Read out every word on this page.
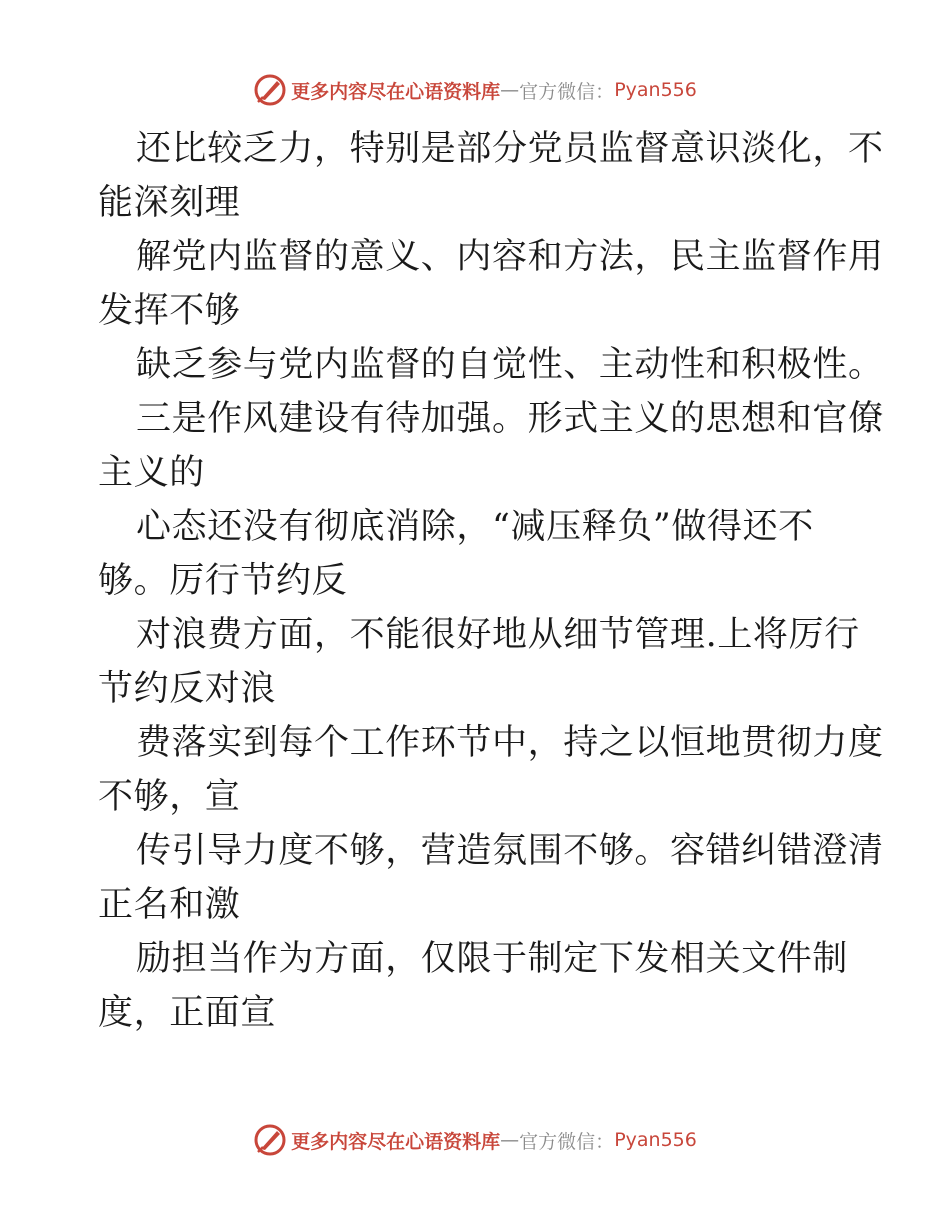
更多内容尽在心语资料库 — 官方微信： Pyan556
还比较乏力，特别是部分党员监督意识淡化，不
能深刻理
解党内监督的意义、内容和方法，民主监督作用
发挥不够
缺乏参与党内监督的自觉性、主动性和积极性。
三是作风建设有待加强。形式主义的思想和官僚
主义的
心态还没有彻底消除，“减压释负”做得还不
够。厉行节约反
对浪费方面，不能很好地从细节管理.上将厉行
节约反对浪
费落实到每个工作环节中，持之以恒地贯彻力度
不够，宣
传引导力度不够，营造氛围不够。容错纠错澄清
正名和激
励担当作为方面，仅限于制定下发相关文件制
度，正面宣
更多内容尽在心语资料库 — 官方微信： Pyan556
